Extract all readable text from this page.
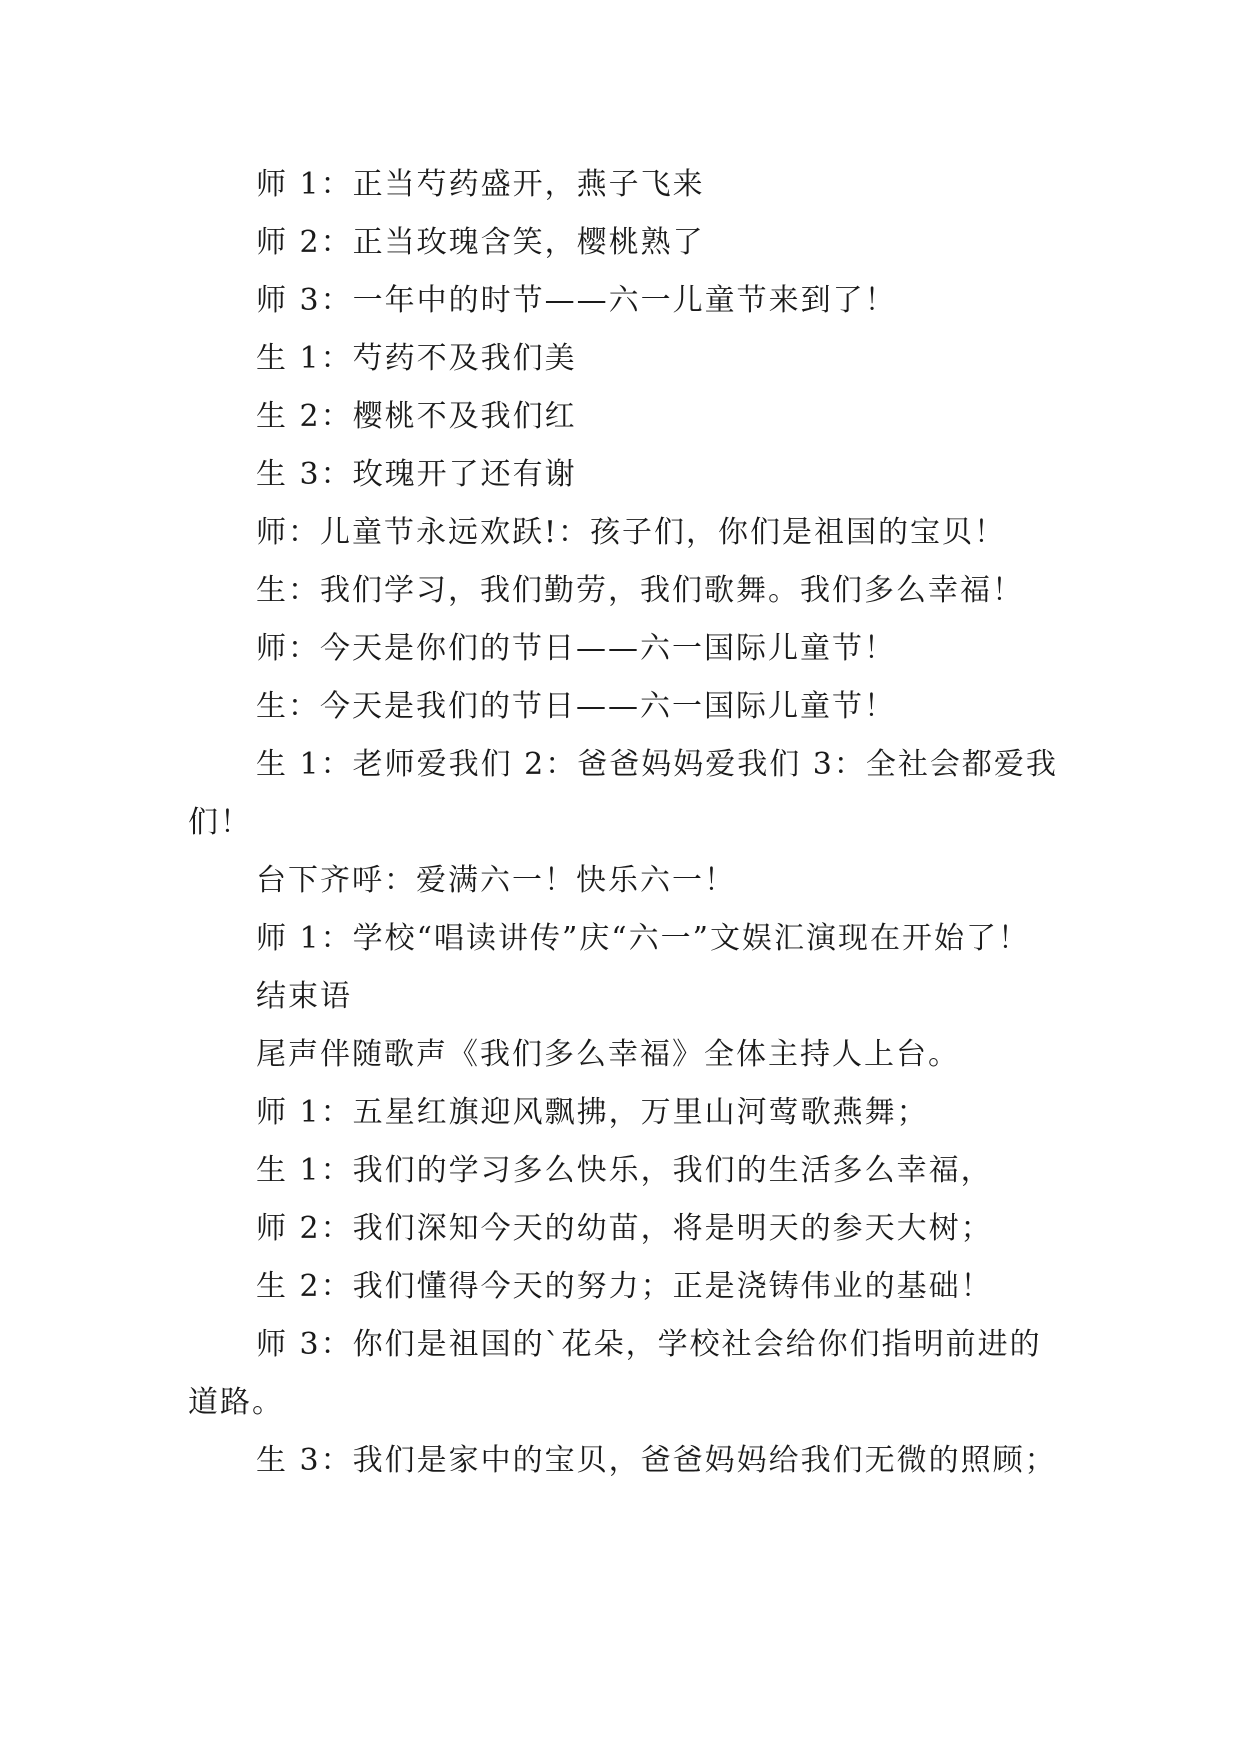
师 1：正当芍药盛开，燕子飞来

师 2：正当玫瑰含笑，樱桃熟了

师 3：一年中的时节——六一儿童节来到了！

生 1：芍药不及我们美

生 2：樱桃不及我们红

生 3：玫瑰开了还有谢

师：儿童节永远欢跃!：孩子们，你们是祖国的宝贝！

生：我们学习，我们勤劳，我们歌舞。我们多么幸福！

师：今天是你们的节日——六一国际儿童节！

生：今天是我们的节日——六一国际儿童节！

生 1：老师爱我们 2：爸爸妈妈爱我们 3：全社会都爱我们！

台下齐呼：爱满六一！快乐六一！

师 1：学校“唱读讲传”庆“六一”文娱汇演现在开始了！

结束语

尾声伴随歌声《我们多么幸福》全体主持人上台。

师 1：五星红旗迎风飘拂，万里山河莺歌燕舞；

生 1：我们的学习多么快乐，我们的生活多么幸福，

师 2：我们深知今天的幼苗，将是明天的参天大树；

生 2：我们懂得今天的努力；正是浇铸伟业的基础！

师 3：你们是祖国的`花朵，学校社会给你们指明前进的道路。

生 3：我们是家中的宝贝，爸爸妈妈给我们无微的照顾；
